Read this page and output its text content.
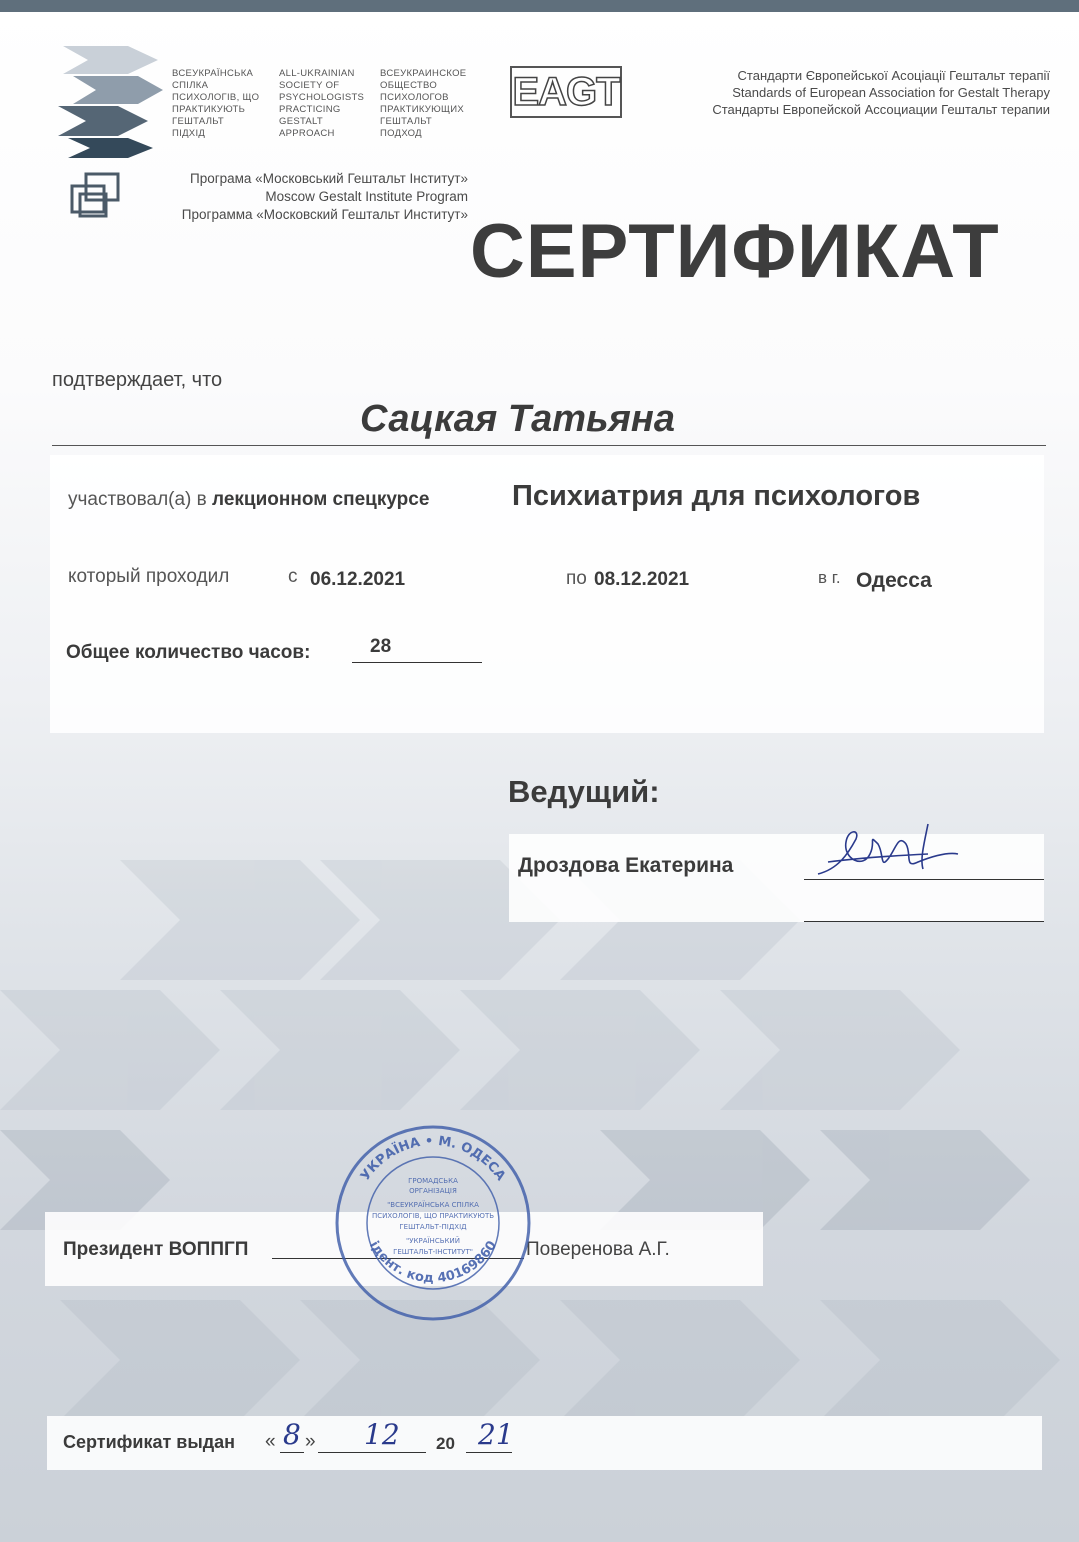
ВСЕУКРАЇНСЬКА
СПІЛКА
ПСИХОЛОГІВ, ЩО
ПРАКТИКУЮТЬ
ГЕШТАЛЬТ
ПІДХІД
ALL-UKRAINIAN
SOCIETY OF
PSYCHOLOGISTS
PRACTICING
GESTALT
APPROACH
ВСЕУКРАИНСКОЕ
ОБЩЕСТВО
ПСИХОЛОГОВ
ПРАКТИКУЮЩИХ
ГЕШТАЛЬТ
ПОДХОД
EAGT	Стандарти Європейської Асоціації Гештальт терапії
Standards of European Association for Gestalt Therapy
Стандарты Европейской Ассоциации Гештальт терапии
Програма «Московський Гештальт Інститут»
Moscow Gestalt Institute Program
Программа «Московский Гештальт Институт» СЕРТИФИКАТ
подтверждает, что
Сацкая Татьяна
участвовал(а) в лекционном спецкурсе	Психиатрия для психологов
который проходил	с 06.12.2021	по 08.12.2021	в г. Одесса
Общее количество часов:	28
Ведущий:
Дроздова Екатерина
Президент ВОППГП	Поверенова А.Г.
УКРАЇНА • М. ОДЕСА
ідент. код 40169860
ГРОМАДСЬКА
ОРГАНІЗАЦІЯ
"ВСЕУКРАЇНСЬКА СПІЛКА
ПСИХОЛОГІВ, ЩО ПРАКТИКУЮТЬ
ГЕШТАЛЬТ-ПІДХІД
"УКРАЇНСЬКИЙ
ГЕШТАЛЬТ-ІНСТИТУТ"
Сертификат выдан « 8 » 12 20 21
